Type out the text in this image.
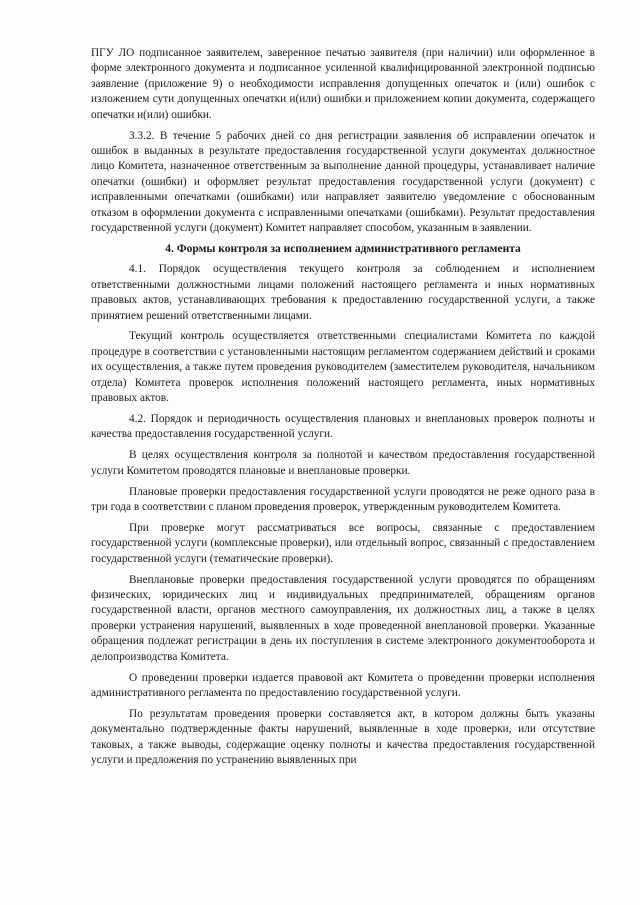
ПГУ ЛО подписанное заявителем, заверенное печатью заявителя (при наличии) или оформленное в форме электронного документа и подписанное усиленной квалифицированной электронной подписью заявление (приложение 9) о необходимости исправления допущенных опечаток и (или) ошибок с изложением сути допущенных опечатки и(или) ошибки и приложением копии документа, содержащего опечатки и(или) ошибки.

3.3.2. В течение 5 рабочих дней со дня регистрации заявления об исправлении опечаток и ошибок в выданных в результате предоставления государственной услуги документах должностное лицо Комитета, назначенное ответственным за выполнение данной процедуры, устанавливает наличие опечатки (ошибки) и оформляет результат предоставления государственной услуги (документ) с исправленными опечатками (ошибками) или направляет заявителю уведомление с обоснованным отказом в оформлении документа с исправленными опечатками (ошибками). Результат предоставления государственной услуги (документ) Комитет направляет способом, указанным в заявлении.

4. Формы контроля за исполнением административного регламента

4.1. Порядок осуществления текущего контроля за соблюдением и исполнением ответственными должностными лицами положений настоящего регламента и иных нормативных правовых актов, устанавливающих требования к предоставлению государственной услуги, а также принятием решений ответственными лицами.

Текущий контроль осуществляется ответственными специалистами Комитета по каждой процедуре в соответствии с установленными настоящим регламентом содержанием действий и сроками их осуществления, а также путем проведения руководителем (заместителем руководителя, начальником отдела) Комитета проверок исполнения положений настоящего регламента, иных нормативных правовых актов.

4.2. Порядок и периодичность осуществления плановых и внеплановых проверок полноты и качества предоставления государственной услуги.

В целях осуществления контроля за полнотой и качеством предоставления государственной услуги Комитетом проводятся плановые и внеплановые проверки.

Плановые проверки предоставления государственной услуги проводятся не реже одного раза в три года в соответствии с планом проведения проверок, утвержденным руководителем Комитета.

При проверке могут рассматриваться все вопросы, связанные с предоставлением государственной услуги (комплексные проверки), или отдельный вопрос, связанный с предоставлением государственной услуги (тематические проверки).

Внеплановые проверки предоставления государственной услуги проводятся по обращениям физических, юридических лиц и индивидуальных предпринимателей, обращениям органов государственной власти, органов местного самоуправления, их должностных лиц, а также в целях проверки устранения нарушений, выявленных в ходе проведенной внеплановой проверки. Указанные обращения подлежат регистрации в день их поступления в системе электронного документооборота и делопроизводства Комитета.

О проведении проверки издается правовой акт Комитета о проведении проверки исполнения административного регламента по предоставлению государственной услуги.

По результатам проведения проверки составляется акт, в котором должны быть указаны документально подтвержденные факты нарушений, выявленные в ходе проверки, или отсутствие таковых, а также выводы, содержащие оценку полноты и качества предоставления государственной услуги и предложения по устранению выявленных при
